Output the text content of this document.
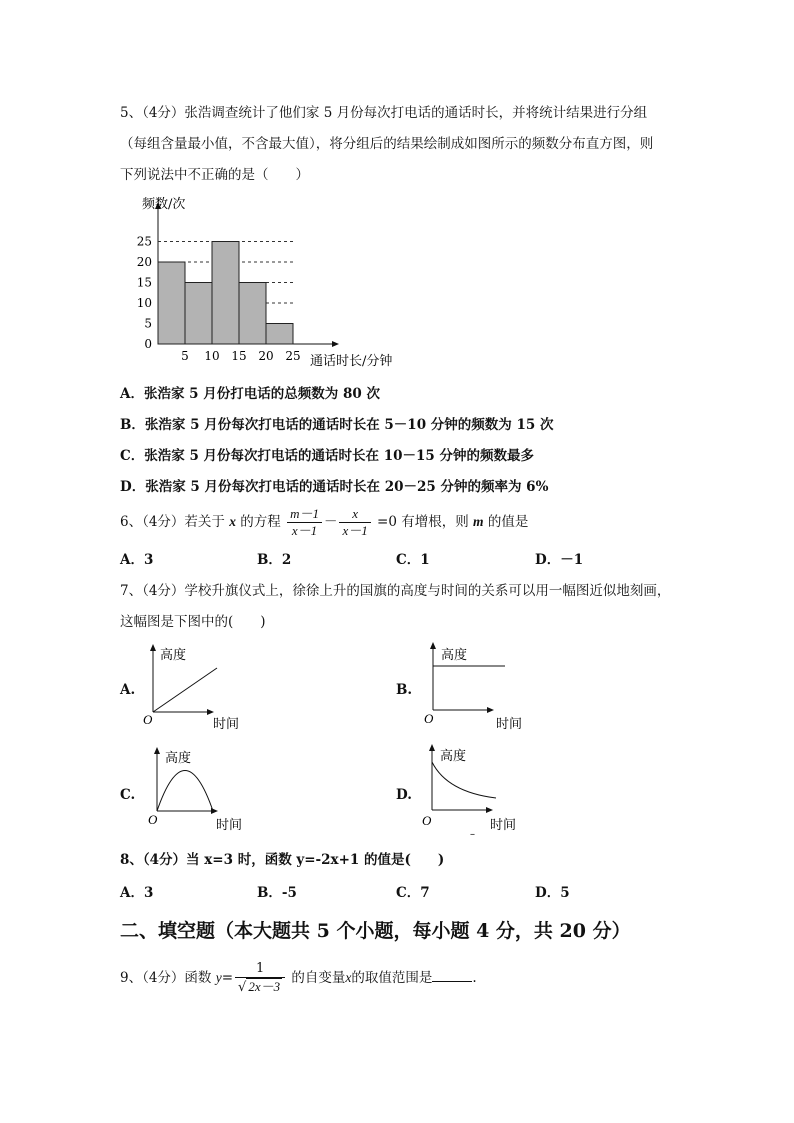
5、（4分）张浩调查统计了他们家 5 月份每次打电话的通话时长，并将统计结果进行分组
（每组含量最小值，不含最大值），将分组后的结果绘制成如图所示的频数分布直方图，则
下列说法中不正确的是（　　）
0
5
10
15
20
25
5 10 15 20 25
频数/次
通话时长/分钟
A．张浩家 5 月份打电话的总频数为 80 次
B．张浩家 5 月份每次打电话的通话时长在 5－10 分钟的频数为 15 次
C．张浩家 5 月份每次打电话的通话时长在 10－15 分钟的频数最多
D．张浩家 5 月份每次打电话的通话时长在 20－25 分钟的频率为 6%
6、（4分）若关于 x 的方程 $\frac{m-1}{x-1} - \frac{x}{x-1} =0$ 有增根，则 m 的值是
A．3	B．2	C．1	D．－1
7、（4分）学校升旗仪式上，徐徐上升的国旗的高度与时间的关系可以用一幅图近似地刻画，
这幅图是下图中的(　　)
A.
高度
时间
O
B.
高度
时间
O
C.
高度
时间
O
D.
高度
时间
O
–
8、（4分）当 x=3 时，函数 y=-2x+1 的值是(　　)
A．3	B．-5	C．7	D．5
二、填空题（本大题共 5 个小题，每小题 4 分，共 20 分）
9、（4分）函数 $y= \frac{1}{√ 2x-3}$ 的自变量x的取值范围是	.
